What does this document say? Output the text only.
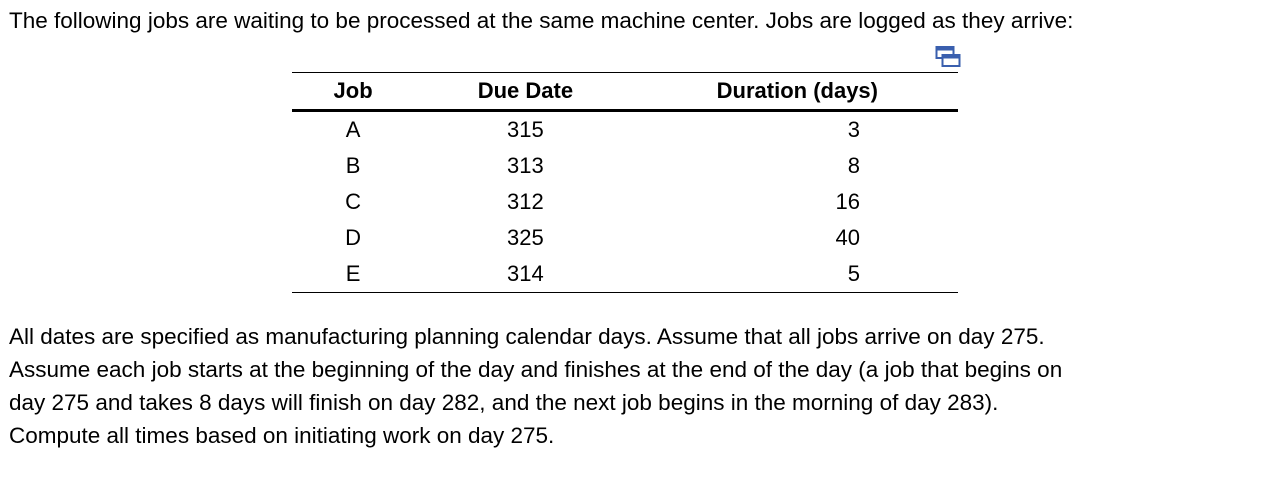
The following jobs are waiting to be processed at the same machine center. Jobs are logged as they arrive:
Job	Due Date	Duration (days)
A	315	3
B	313	8
C	312	16
D	325	40
E	314	5

All dates are specified as manufacturing planning calendar days. Assume that all jobs arrive on day 275.

Assume each job starts at the beginning of the day and finishes at the end of the day (a job that begins on

day 275 and takes 8 days will finish on day 282, and the next job begins in the morning of day 283).

Compute all times based on initiating work on day 275.
